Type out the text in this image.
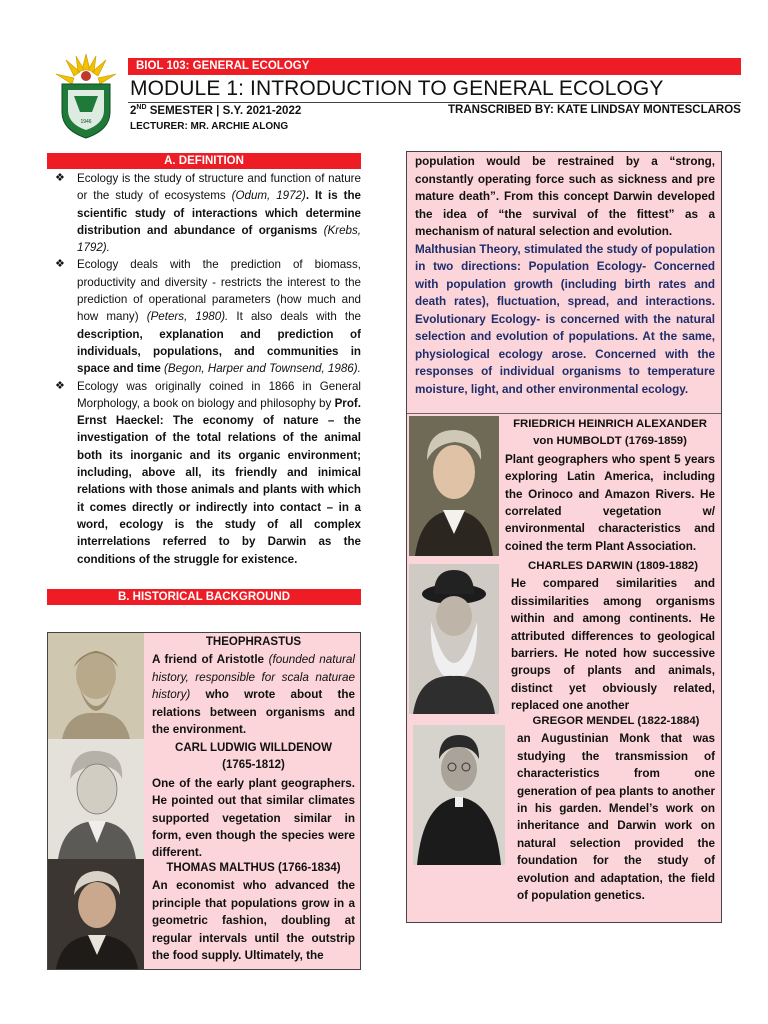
1946
BIOL 103: GENERAL ECOLOGY
MODULE 1: INTRODUCTION TO GENERAL ECOLOGY
2ND SEMESTER | S.Y. 2021-2022	TRANSCRIBED BY: KATE LINDSAY MONTESCLAROS
LECTURER: MR. ARCHIE ALONG
A. DEFINITION
❖ Ecology is the study of structure and function of nature or the study of ecosystems (Odum, 1972). It is the scientific study of interactions which determine distribution and abundance of organisms (Krebs, 1792).
❖ Ecology deals with the prediction of biomass, productivity and diversity - restricts the interest to the prediction of operational parameters (how much and how many) (Peters, 1980). It also deals with the description, explanation and prediction of individuals, populations, and communities in space and time (Begon, Harper and Townsend, 1986).
❖ Ecology was originally coined in 1866 in General Morphology, a book on biology and philosophy by Prof. Ernst Haeckel: The economy of nature – the investigation of the total relations of the animal both its inorganic and its organic environment; including, above all, its friendly and inimical relations with those animals and plants with which it comes directly or indirectly into contact – in a word, ecology is the study of all complex interrelations referred to by Darwin as the conditions of the struggle for existence.
B. HISTORICAL BACKGROUND
THEOPHRASTUS
A friend of Aristotle (founded natural history, responsible for scala naturae history) who wrote about the relations between organisms and the environment.
CARL LUDWIG WILLDENOW
(1765-1812)
One of the early plant geographers. He pointed out that similar climates supported vegetation similar in form, even though the species were different.
THOMAS MALTHUS (1766-1834)
An economist who advanced the principle that populations grow in a geometric fashion, doubling at regular intervals until the outstrip the food supply. Ultimately, the
population would be restrained by a “strong, constantly operating force such as sickness and pre mature death”. From this concept Darwin developed the idea of “the survival of the fittest” as a mechanism of natural selection and evolution.
Malthusian Theory, stimulated the study of population in two directions: Population Ecology- Concerned with population growth (including birth rates and death rates), fluctuation, spread, and interactions. Evolutionary Ecology- is concerned with the natural selection and evolution of populations. At the same, physiological ecology arose. Concerned with the responses of individual organisms to temperature moisture, light, and other environmental ecology.
FRIEDRICH HEINRICH ALEXANDER
von HUMBOLDT (1769-1859)
Plant geographers who spent 5 years exploring Latin America, including the Orinoco and Amazon Rivers. He correlated vegetation w/ environmental characteristics and coined the term Plant Association.
CHARLES DARWIN (1809-1882)
He compared similarities and dissimilarities among organisms within and among continents. He attributed differences to geological barriers. He noted how successive groups of plants and animals, distinct yet obviously related, replaced one another
GREGOR MENDEL (1822-1884)
an Augustinian Monk that was studying the transmission of characteristics from one generation of pea plants to another in his garden. Mendel’s work on inheritance and Darwin work on natural selection provided the foundation for the study of evolution and adaptation, the field of population genetics.
